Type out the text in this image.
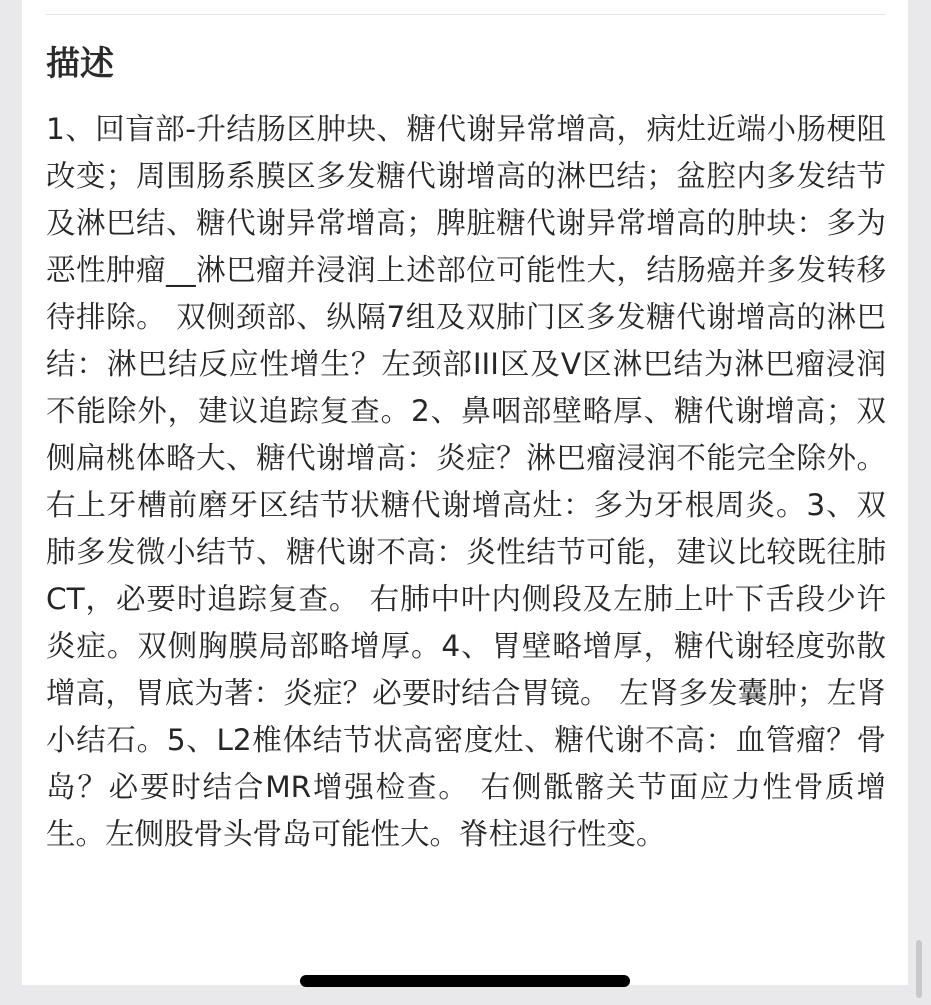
描述

1、回盲部-升结肠区肿块、糖代谢异常增高，病灶近端小肠梗阻改变；周围肠系膜区多发糖代谢增高的淋巴结；盆腔内多发结节及淋巴结、糖代谢异常增高；脾脏糖代谢异常增高的肿块：多为恶性肿瘤__淋巴瘤并浸润上述部位可能性大，结肠癌并多发转移待排除。 双侧颈部、纵隔7组及双肺门区多发糖代谢增高的淋巴结：淋巴结反应性增生？左颈部III区及V区淋巴结为淋巴瘤浸润不能除外，建议追踪复查。2、鼻咽部壁略厚、糖代谢增高；双侧扁桃体略大、糖代谢增高：炎症？淋巴瘤浸润不能完全除外。 右上牙槽前磨牙区结节状糖代谢增高灶：多为牙根周炎。3、双肺多发微小结节、糖代谢不高：炎性结节可能，建议比较既往肺CT，必要时追踪复查。 右肺中叶内侧段及左肺上叶下舌段少许炎症。双侧胸膜局部略增厚。4、胃壁略增厚，糖代谢轻度弥散增高，胃底为著：炎症？必要时结合胃镜。 左肾多发囊肿；左肾小结石。5、L2椎体结节状高密度灶、糖代谢不高：血管瘤？骨岛？必要时结合MR增强检查。 右侧骶髂关节面应力性骨质增生。左侧股骨头骨岛可能性大。脊柱退行性变。
